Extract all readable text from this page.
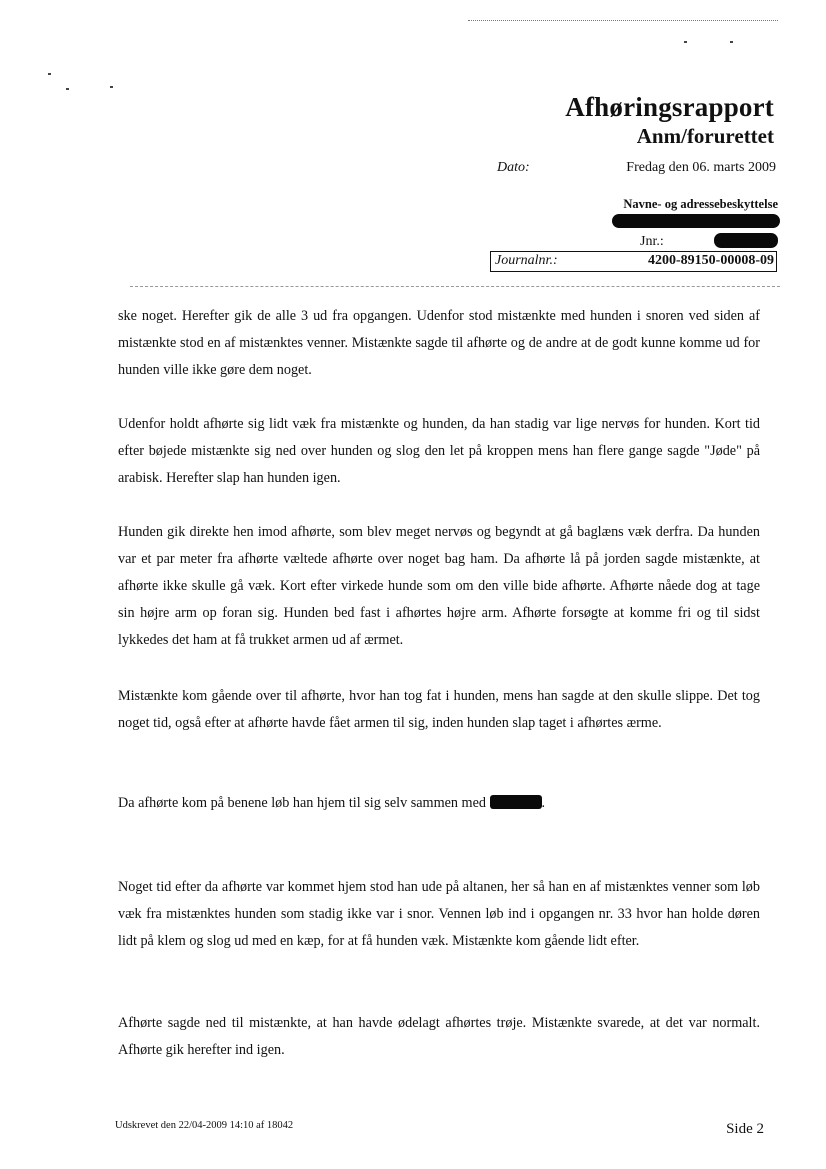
Afhøringsrapport
Anm/forurettet
Dato:	Fredag den 06. marts 2009
Navne- og adressebeskyttelse
Jnr.:
Journalnr.:	4200-89150-00008-09

ske noget. Herefter gik de alle 3 ud fra opgangen. Udenfor stod mistænkte med hunden i snoren ved siden af mistænkte stod en af mistænktes venner. Mistænkte sagde til afhørte og de andre at de godt kunne komme ud for hunden ville ikke gøre dem noget.

Udenfor holdt afhørte sig lidt væk fra mistænkte og hunden, da han stadig var lige nervøs for hunden. Kort tid efter bøjede mistænkte sig ned over hunden og slog den let på kroppen mens han flere gange sagde "Jøde" på arabisk. Herefter slap han hunden igen.

Hunden gik direkte hen imod afhørte, som blev meget nervøs og begyndt at gå baglæns væk derfra. Da hunden var et par meter fra afhørte væltede afhørte over noget bag ham. Da afhørte lå på jorden sagde mistænkte, at afhørte ikke skulle gå væk. Kort efter virkede hunde som om den ville bide afhørte. Afhørte nåede dog at tage sin højre arm op foran sig. Hunden bed fast i afhørtes højre arm. Afhørte forsøgte at komme fri og til sidst lykkedes det ham at få trukket armen ud af ærmet.

Mistænkte kom gående over til afhørte, hvor han tog fat i hunden, mens han sagde at den skulle slippe. Det tog noget tid, også efter at afhørte havde fået armen til sig, inden hunden slap taget i afhørtes ærme.

Da afhørte kom på benene løb han hjem til sig selv sammen med	.

Noget tid efter da afhørte var kommet hjem stod han ude på altanen, her så han en af mistænktes venner som løb væk fra mistænktes hunden som stadig ikke var i snor. Vennen løb ind i opgangen nr. 33 hvor han holde døren lidt på klem og slog ud med en kæp, for at få hunden væk. Mistænkte kom gående lidt efter.

Afhørte sagde ned til mistænkte, at han havde ødelagt afhørtes trøje. Mistænkte svarede, at det var normalt. Afhørte gik herefter ind igen.

Udskrevet den 22/04-2009 14:10 af 18042	Side 2
